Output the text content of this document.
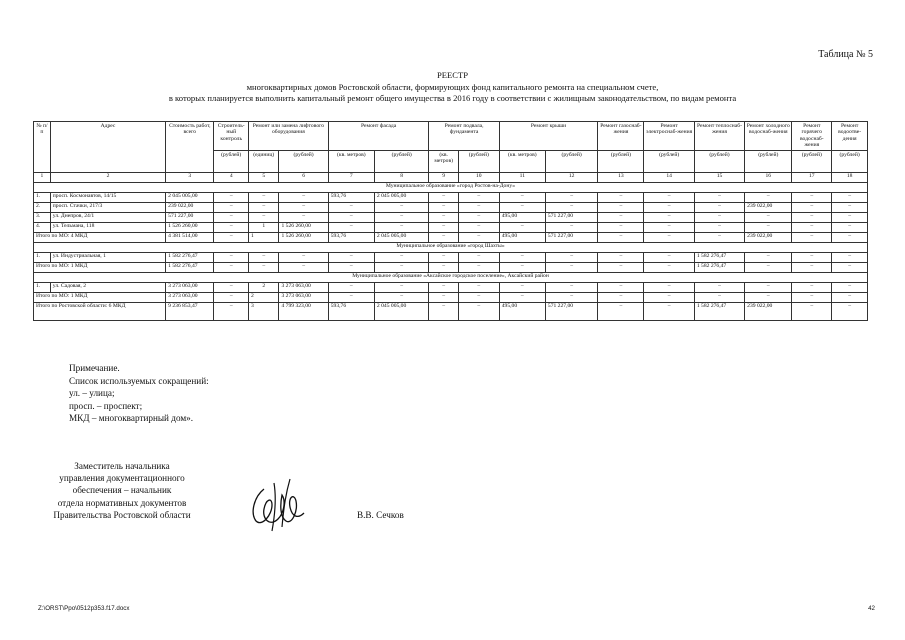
Таблица № 5
РЕЕСТР
многоквартирных домов Ростовской области, формирующих фонд капитального ремонта на специальном счете,
в которых планируется выполнить капитальный ремонт общего имущества в 2016 году в соответствии с жилищным законодательством, по видам ремонта
№ п/п	Адрес	Стоимость работ, всего	Строитель-ный контроль	Ремонт или замена лифтового оборудования		Ремонт фасада		Ремонт подвала, фундамента		Ремонт крыши		Ремонт газоснаб-жения	Ремонт электроснаб-жения	Ремонт теплоснаб-жения	Ремонт холодного водоснаб-жения	Ремонт горячего водоснаб-жения	Ремонт водоотве-дения
			(рублей)	(единиц)	(рублей)	(кв. метров)	(рублей)	(кв. метров)	(рублей)	(кв. метров)	(рублей)	(рублей)	(рублей)	(рублей)	(рублей)	(рублей)	(рублей)
1	2	3	4	5	6	7	8	9	10	11	12	13	14	15	16	17	18
Муниципальное образование «город Ростов-на-Дону»																	
1.	просп. Космонавтов, 14/15	2 045 005,00	–	–	–	593,76	2 045 005,00	–	–	–	–	–	–	–	–	–	–
2.	просп. Стачки, 217/3	239 022,00	–	–	–	–	–	–	–	–	–	–	–	–	239 022,00	–	–
3.	ул. Днепров, 24/1	571 227,00	–	–	–	–	–	–	–	495,00	571 227,00	–	–	–	–	–	–
4.	ул. Тельмана, 118	1 526 260,00	–	1	1 526 260,00	–	–	–	–	–	–	–	–	–	–	–	–
Итого по МО: 4 МКД		4 381 514,00	–	1	1 526 260,00	593,76	2 045 005,00	–	–	495,00	571 227,00	–	–	–	239 022,00	–	–
Муниципальное образование «город Шахты»																	
1.	ул. Индустриальная, 1	1 582 276,47	–	–	–	–	–	–	–	–	–	–	–	1 582 276,47	–	–	–
Итого по МО: 1 МКД		1 582 276,47	–	–	–	–	–	–	–	–	–	–	–	1 582 276,47	–	–	–
Муниципальное образование «Аксайское городское поселение», Аксайский район																	
1.	ул. Садовая, 2	3 273 063,00	–	2	3 273 063,00	–	–	–	–	–	–	–	–	–	–	–	–
Итого по МО: 1 МКД		3 273 063,00	–	2	3 273 063,00	–	–	–	–	–	–	–	–	–	–	–	–
Итого по Ростовской области: 6 МКД		9 236 853,47	–	3	4 799 323,00	593,76	2 045 005,00	–	–	495,00	571 227,00	–	–	1 582 276,47	239 022,00	–	–
Примечание.
Список используемых сокращений:
ул. – улица;
просп. – проспект;
МКД – многоквартирный дом».
Заместитель начальника
управления документационного
обеспечения – начальник
отдела нормативных документов
Правительства Ростовской области	В.В. Сечков
Z:\ORST\Ppo\0512p353.f17.docx	42
